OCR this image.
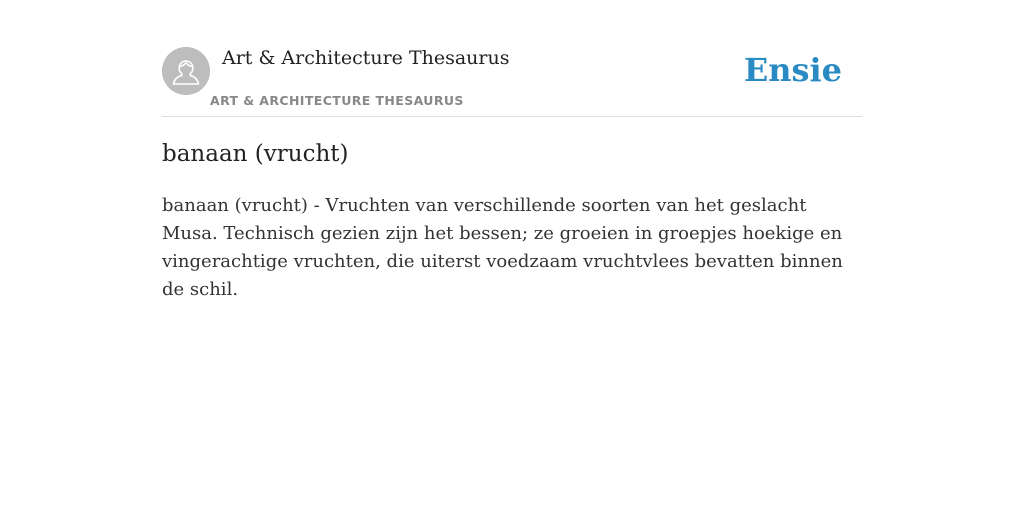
Art & Architecture Thesaurus
ART & ARCHITECTURE THESAURUS
Ensie
banaan (vrucht)

banaan (vrucht) - Vruchten van verschillende soorten van het geslacht Musa. Technisch gezien zijn het bessen; ze groeien in groepjes hoekige en vingerachtige vruchten, die uiterst voedzaam vruchtvlees bevatten binnen de schil.
